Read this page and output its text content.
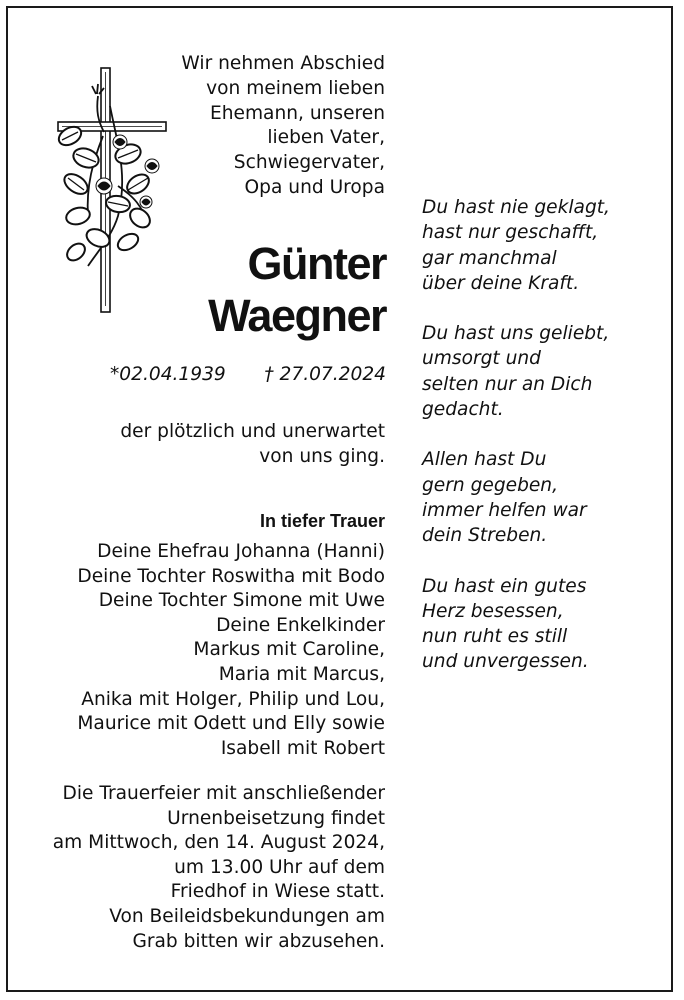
Wir nehmen Abschied
von meinem lieben
Ehemann, unseren
lieben Vater,
Schwiegervater,
Opa und Uropa
Günter
Waegner
*02.04.1939 † 27.07.2024
der plötzlich und unerwartet
von uns ging.
In tiefer Trauer
Deine Ehefrau Johanna (Hanni)
Deine Tochter Roswitha mit Bodo
Deine Tochter Simone mit Uwe
Deine Enkelkinder
Markus mit Caroline,
Maria mit Marcus,
Anika mit Holger, Philip und Lou,
Maurice mit Odett und Elly sowie
Isabell mit Robert
Die Trauerfeier mit anschließender
Urnenbeisetzung findet
am Mittwoch, den 14. August 2024,
um 13.00 Uhr auf dem
Friedhof in Wiese statt.
Von Beileidsbekundungen am
Grab bitten wir abzusehen.
Du hast nie geklagt,
hast nur geschafft,
gar manchmal
über deine Kraft.
Du hast uns geliebt,
umsorgt und
selten nur an Dich
gedacht.
Allen hast Du
gern gegeben,
immer helfen war
dein Streben.
Du hast ein gutes
Herz besessen,
nun ruht es still
und unvergessen.
